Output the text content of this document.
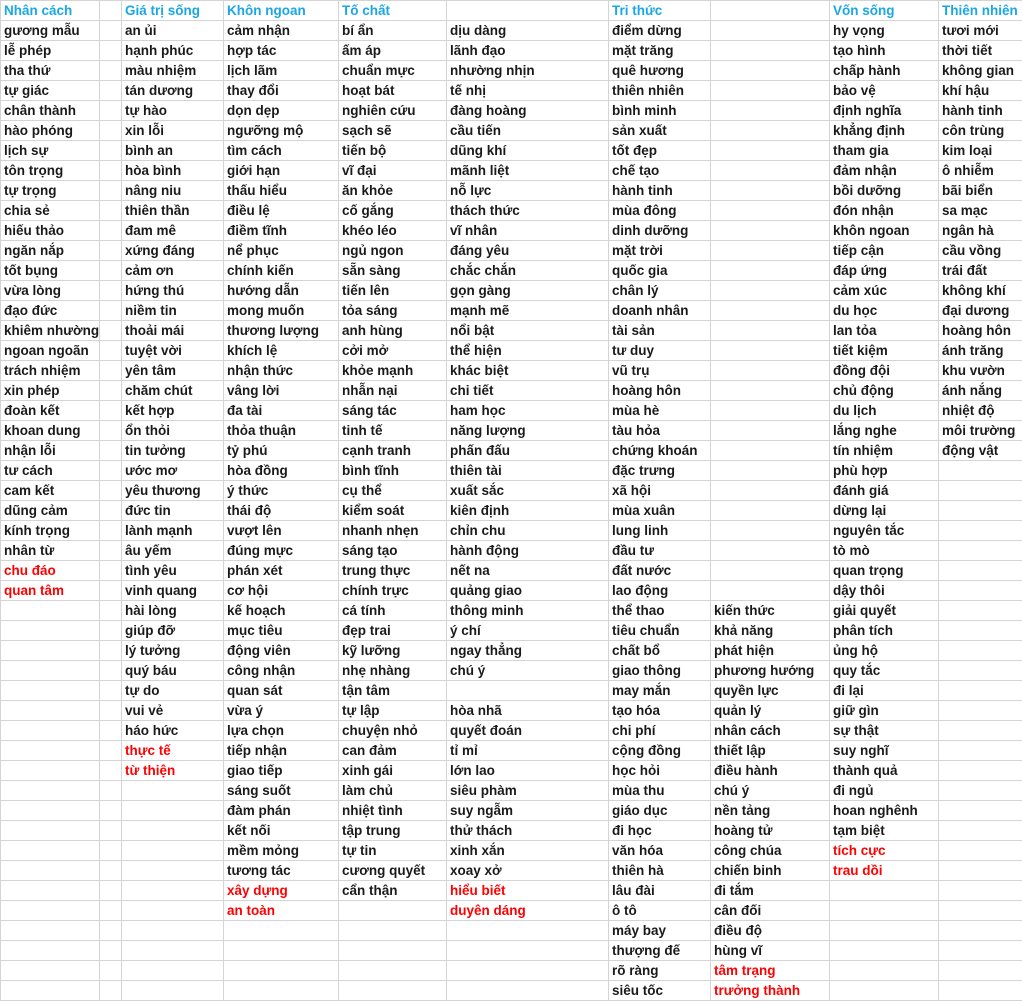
Nhân cách		Giá trị sống	Khôn ngoan	Tố chất		Tri thức		Vốn sống	Thiên nhiên
gương mẫu		an ủi	cảm nhận	bí ẩn	dịu dàng	điểm dừng		hy vọng	tươi mới
lễ phép		hạnh phúc	hợp tác	ấm áp	lãnh đạo	mặt trăng		tạo hình	thời tiết
tha thứ		màu nhiệm	lịch lãm	chuẩn mực	nhường nhịn	quê hương		chấp hành	không gian
tự giác		tán dương	thay đổi	hoạt bát	tế nhị	thiên nhiên		bảo vệ	khí hậu
chân thành		tự hào	dọn dẹp	nghiên cứu	đàng hoàng	bình minh		định nghĩa	hành tinh
hào phóng		xin lỗi	ngưỡng mộ	sạch sẽ	cầu tiến	sản xuất		khẳng định	côn trùng
lịch sự		bình an	tìm cách	tiến bộ	dũng khí	tốt đẹp		tham gia	kim loại
tôn trọng		hòa bình	giới hạn	vĩ đại	mãnh liệt	chế tạo		đảm nhận	ô nhiễm
tự trọng		nâng niu	thấu hiểu	ăn khỏe	nỗ lực	hành tinh		bồi dưỡng	bãi biển
chia sẻ		thiên thần	điều lệ	cố gắng	thách thức	mùa đông		đón nhận	sa mạc
hiếu thảo		đam mê	điềm tĩnh	khéo léo	vĩ nhân	dinh dưỡng		khôn ngoan	ngân hà
ngăn nắp		xứng đáng	nể phục	ngủ ngon	đáng yêu	mặt trời		tiếp cận	cầu vồng
tốt bụng		cảm ơn	chính kiến	sẵn sàng	chắc chắn	quốc gia		đáp ứng	trái đất
vừa lòng		hứng thú	hướng dẫn	tiến lên	gọn gàng	chân lý		cảm xúc	không khí
đạo đức		niềm tin	mong muốn	tỏa sáng	mạnh mẽ	doanh nhân		du học	đại dương
khiêm nhường		thoải mái	thương lượng	anh hùng	nổi bật	tài sản		lan tỏa	hoàng hôn
ngoan ngoãn		tuyệt vời	khích lệ	cởi mở	thể hiện	tư duy		tiết kiệm	ánh trăng
trách nhiệm		yên tâm	nhận thức	khỏe mạnh	khác biệt	vũ trụ		đồng đội	khu vườn
xin phép		chăm chút	vâng lời	nhẫn nại	chi tiết	hoàng hôn		chủ động	ánh nắng
đoàn kết		kết hợp	đa tài	sáng tác	ham học	mùa hè		du lịch	nhiệt độ
khoan dung		ổn thỏi	thỏa thuận	tinh tế	năng lượng	tàu hỏa		lắng nghe	môi trường
nhận lỗi		tin tưởng	tỷ phú	cạnh tranh	phấn đấu	chứng khoán		tín nhiệm	động vật
tư cách		ước mơ	hòa đồng	bình tĩnh	thiên tài	đặc trưng		phù hợp	
cam kết		yêu thương	ý thức	cụ thể	xuất sắc	xã hội		đánh giá	
dũng cảm		đức tin	thái độ	kiểm soát	kiên định	mùa xuân		dừng lại	
kính trọng		lành mạnh	vượt lên	nhanh nhẹn	chỉn chu	lung linh		nguyên tắc	
nhân từ		âu yếm	đúng mực	sáng tạo	hành động	đầu tư		tò mò	
chu đáo		tình yêu	phán xét	trung thực	nết na	đất nước		quan trọng	
quan tâm		vinh quang	cơ hội	chính trực	quảng giao	lao động		dậy thôi	
		hài lòng	kế hoạch	cá tính	thông minh	thể thao	kiến thức	giải quyết	
		giúp đỡ	mục tiêu	đẹp trai	ý chí	tiêu chuẩn	khả năng	phân tích	
		lý tưởng	động viên	kỹ lưỡng	ngay thẳng	chất bổ	phát hiện	ủng hộ	
		quý báu	công nhận	nhẹ nhàng	chú ý	giao thông	phương hướng	quy tắc	
		tự do	quan sát	tận tâm		may mắn	quyền lực	đi lại	
		vui vẻ	vừa ý	tự lập	hòa nhã	tạo hóa	quản lý	giữ gìn	
		háo hức	lựa chọn	chuyện nhỏ	quyết đoán	chi phí	nhân cách	sự thật	
		thực tế	tiếp nhận	can đảm	tỉ mỉ	cộng đồng	thiết lập	suy nghĩ	
		từ thiện	giao tiếp	xinh gái	lớn lao	học hỏi	điều hành	thành quả	
			sáng suốt	làm chủ	siêu phàm	mùa thu	chú ý	đi ngủ	
			đàm phán	nhiệt tình	suy ngẫm	giáo dục	nền tảng	hoan nghênh	
			kết nối	tập trung	thử thách	đi học	hoàng tử	tạm biệt	
			mềm mỏng	tự tin	xinh xắn	văn hóa	công chúa	tích cực	
			tương tác	cương quyết	xoay xở	thiên hà	chiến binh	trau dồi	
			xây dựng	cẩn thận	hiểu biết	lâu đài	đi tắm		
			an toàn		duyên dáng	ô tô	cân đối		
						máy bay	điều độ		
						thượng đế	hùng vĩ		
						rõ ràng	tâm trạng		
						siêu tốc	trưởng thành		
